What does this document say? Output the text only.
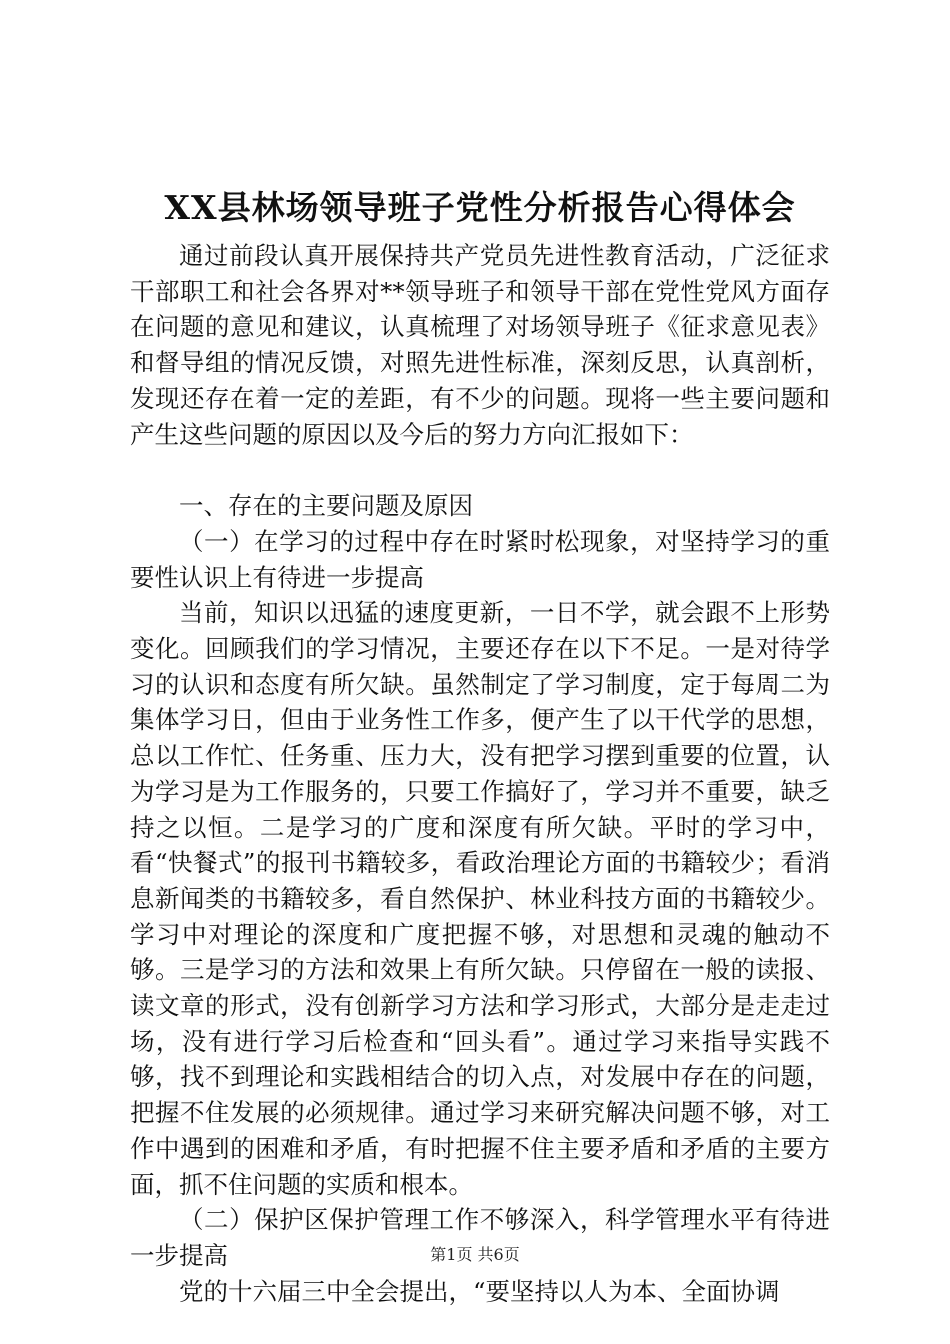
XX县林场领导班子党性分析报告心得体会

通过前段认真开展保持共产党员先进性教育活动，广泛征求干部职工和社会各界对**领导班子和领导干部在党性党风方面存在问题的意见和建议，认真梳理了对场领导班子《征求意见表》和督导组的情况反馈，对照先进性标准，深刻反思，认真剖析，发现还存在着一定的差距，有不少的问题。现将一些主要问题和产生这些问题的原因以及今后的努力方向汇报如下：

一、存在的主要问题及原因

（一）在学习的过程中存在时紧时松现象，对坚持学习的重要性认识上有待进一步提高

当前，知识以迅猛的速度更新，一日不学，就会跟不上形势变化。回顾我们的学习情况，主要还存在以下不足。一是对待学习的认识和态度有所欠缺。虽然制定了学习制度，定于每周二为集体学习日，但由于业务性工作多，便产生了以干代学的思想，总以工作忙、任务重、压力大，没有把学习摆到重要的位置，认为学习是为工作服务的，只要工作搞好了，学习并不重要，缺乏持之以恒。二是学习的广度和深度有所欠缺。平时的学习中，看“快餐式”的报刊书籍较多，看政治理论方面的书籍较少；看消息新闻类的书籍较多，看自然保护、林业科技方面的书籍较少。学习中对理论的深度和广度把握不够，对思想和灵魂的触动不够。三是学习的方法和效果上有所欠缺。只停留在一般的读报、读文章的形式，没有创新学习方法和学习形式，大部分是走走过场，没有进行学习后检查和“回头看”。通过学习来指导实践不够，找不到理论和实践相结合的切入点，对发展中存在的问题，把握不住发展的必须规律。通过学习来研究解决问题不够，对工作中遇到的困难和矛盾，有时把握不住主要矛盾和矛盾的主要方面，抓不住问题的实质和根本。

（二）保护区保护管理工作不够深入，科学管理水平有待进一步提高

党的十六届三中全会提出，“要坚持以人为本、全面协调

第1页 共6页
